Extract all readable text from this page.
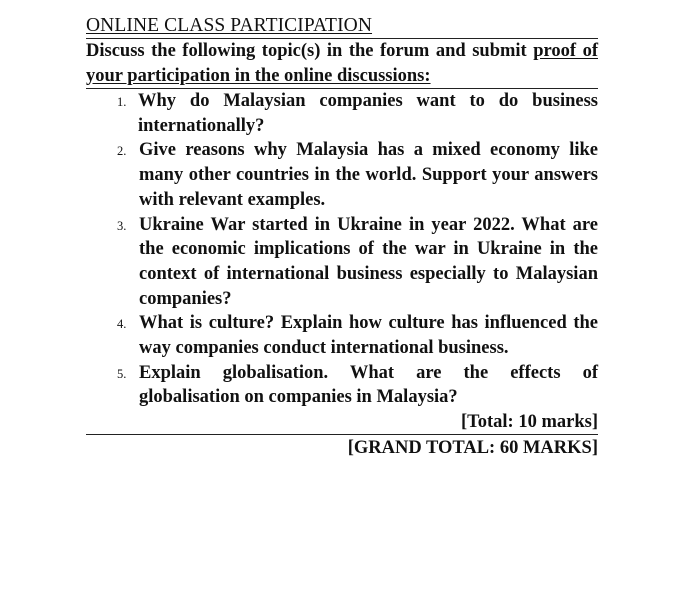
ONLINE CLASS PARTICIPATION

Discuss the following topic(s) in the forum and submit proof of your participation in the online discussions:

1. Why do Malaysian companies want to do business internationally?
2. Give reasons why Malaysia has a mixed economy like many other countries in the world. Support your answers with relevant examples.
3. Ukraine War started in Ukraine in year 2022. What are the economic implications of the war in Ukraine in the context of international business especially to Malaysian companies?
4. What is culture? Explain how culture has influenced the way companies conduct international business.
5. Explain globalisation. What are the effects of globalisation on companies in Malaysia?

[Total: 10 marks]

[GRAND TOTAL: 60 MARKS]
